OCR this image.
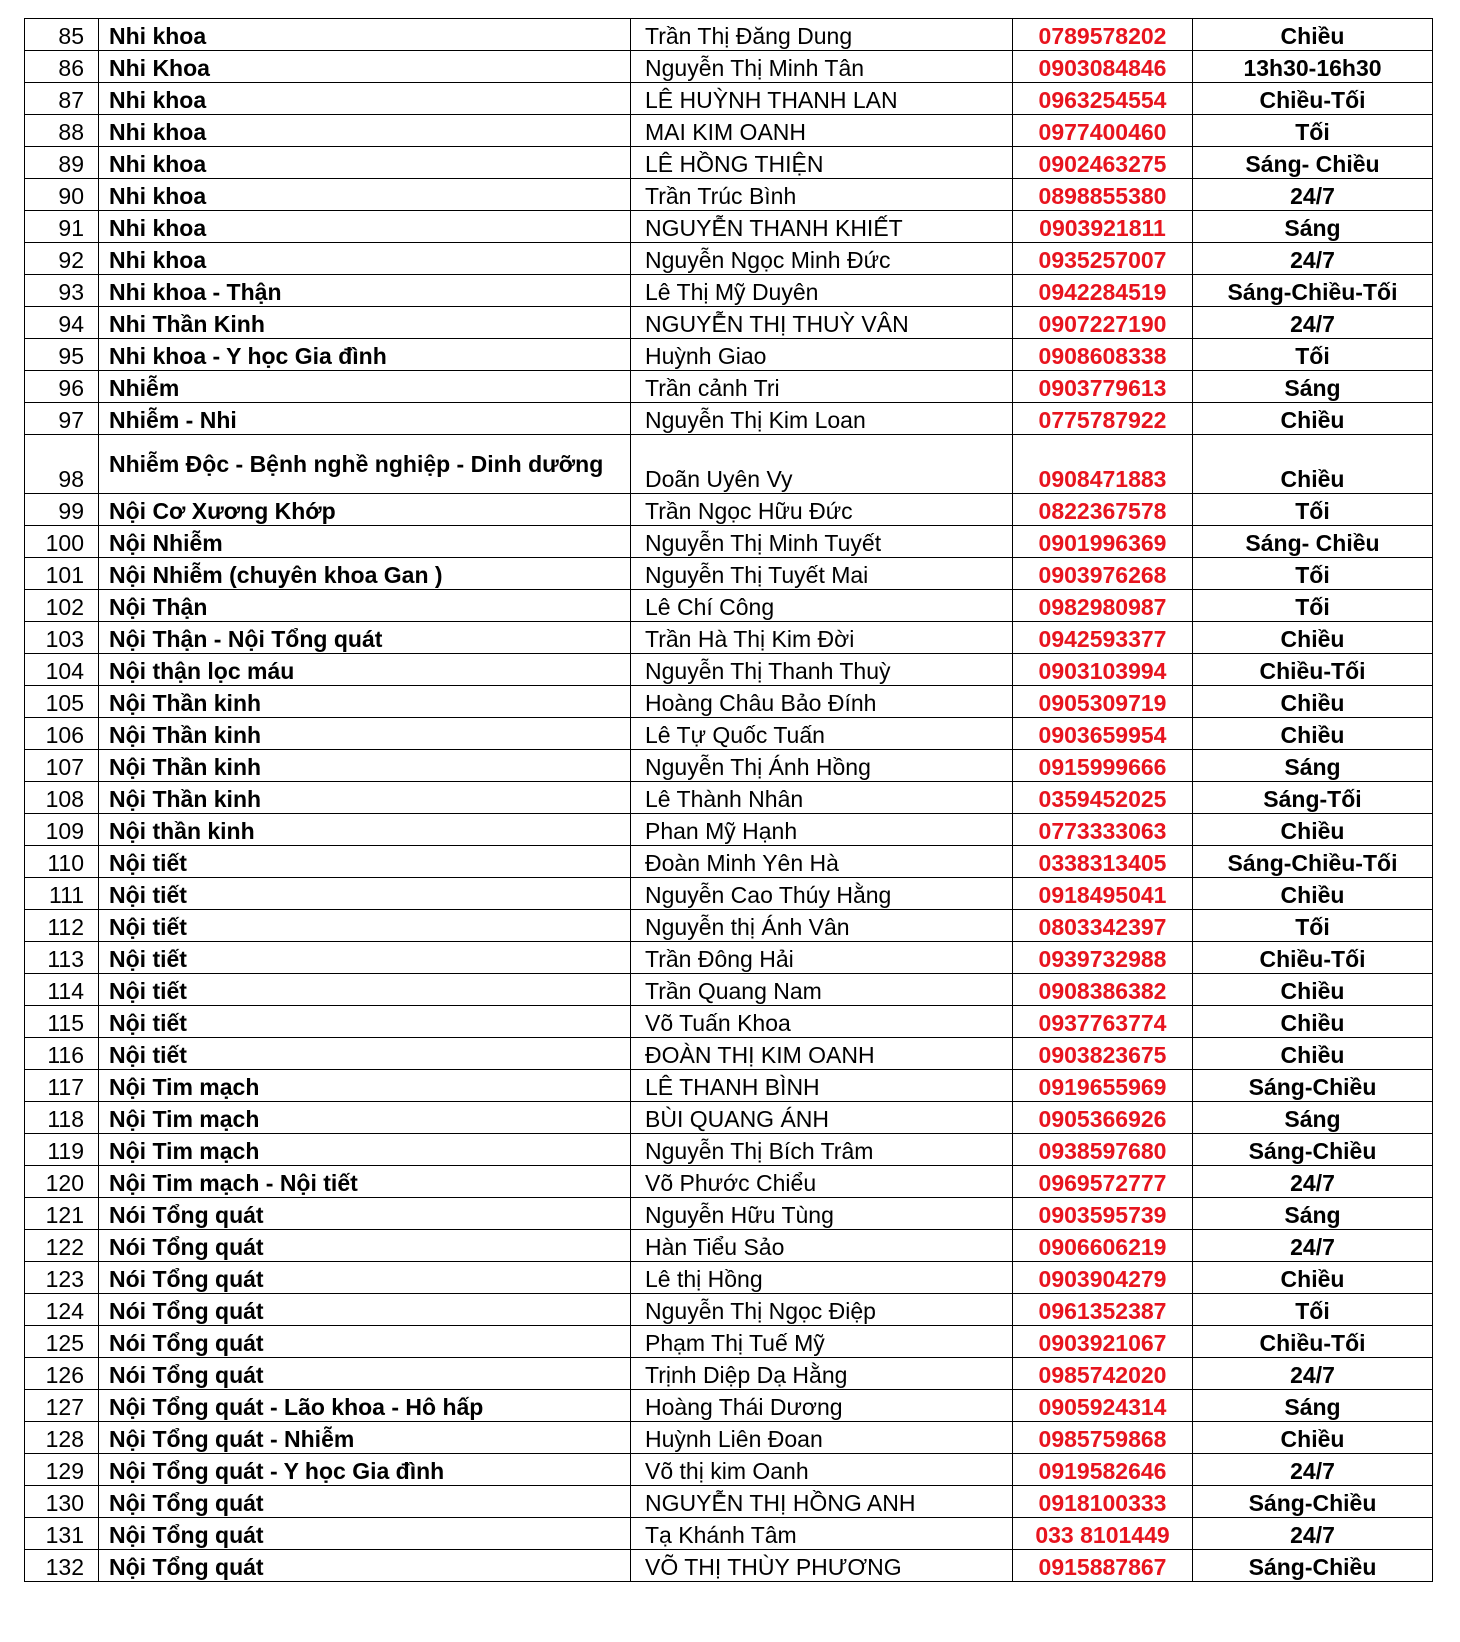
85	Nhi khoa	Trần Thị Đăng Dung	0789578202	Chiều
86	Nhi Khoa	Nguyễn Thị Minh Tân	0903084846	13h30-16h30
87	Nhi khoa	LÊ HUỲNH THANH LAN	0963254554	Chiều-Tối
88	Nhi khoa	MAI KIM OANH	0977400460	Tối
89	Nhi khoa	LÊ HỒNG THIỆN	0902463275	Sáng- Chiều
90	Nhi khoa	Trần Trúc Bình	0898855380	24/7
91	Nhi khoa	NGUYỄN THANH KHIẾT	0903921811	Sáng
92	Nhi khoa	Nguyễn Ngọc Minh Đức	0935257007	24/7
93	Nhi khoa - Thận	Lê Thị Mỹ Duyên	0942284519	Sáng-Chiều-Tối
94	Nhi Thần Kinh	NGUYỄN THỊ THUỲ VÂN	0907227190	24/7
95	Nhi khoa - Y học Gia đình	Huỳnh Giao	0908608338	Tối
96	Nhiễm	Trần cảnh Tri	0903779613	Sáng
97	Nhiễm - Nhi	Nguyễn Thị Kim Loan	0775787922	Chiều
98	Nhiễm Độc - Bệnh nghề nghiệp - Dinh dưỡng	Doãn Uyên Vy	0908471883	Chiều
99	Nội Cơ Xương Khớp	Trần Ngọc Hữu Đức	0822367578	Tối
100	Nội Nhiễm	Nguyễn Thị Minh Tuyết	0901996369	Sáng- Chiều
101	Nội Nhiễm (chuyên khoa Gan )	Nguyễn Thị Tuyết Mai	0903976268	Tối
102	Nội Thận	Lê Chí Công	0982980987	Tối
103	Nội Thận - Nội Tổng quát	Trần Hà Thị Kim Đời	0942593377	Chiều
104	Nội thận lọc máu	Nguyễn Thị Thanh Thuỳ	0903103994	Chiều-Tối
105	Nội Thần kinh	Hoàng Châu Bảo Đính	0905309719	Chiều
106	Nội Thần kinh	Lê Tự Quốc Tuấn	0903659954	Chiều
107	Nội Thần kinh	Nguyễn Thị Ánh Hồng	0915999666	Sáng
108	Nội Thần kinh	Lê Thành Nhân	0359452025	Sáng-Tối
109	Nội thần kinh	Phan Mỹ Hạnh	0773333063	Chiều
110	Nội tiết	Đoàn Minh Yên Hà	0338313405	Sáng-Chiều-Tối
111	Nội tiết	Nguyễn Cao Thúy Hằng	0918495041	Chiều
112	Nội tiết	Nguyễn thị Ánh Vân	0803342397	Tối
113	Nội tiết	Trần Đông Hải	0939732988	Chiều-Tối
114	Nội tiết	Trần Quang Nam	0908386382	Chiều
115	Nội tiết	Võ Tuấn Khoa	0937763774	Chiều
116	Nội tiết	ĐOÀN THỊ KIM OANH	0903823675	Chiều
117	Nội Tim mạch	LÊ THANH BÌNH	0919655969	Sáng-Chiều
118	Nội Tim mạch	BÙI QUANG ÁNH	0905366926	Sáng
119	Nội Tim mạch	Nguyễn Thị Bích Trâm	0938597680	Sáng-Chiều
120	Nội Tim mạch - Nội tiết	Võ Phước Chiểu	0969572777	24/7
121	Nói Tổng quát	Nguyễn Hữu Tùng	0903595739	Sáng
122	Nói Tổng quát	Hàn Tiểu Sảo	0906606219	24/7
123	Nói Tổng quát	Lê thị Hồng	0903904279	Chiều
124	Nói Tổng quát	Nguyễn Thị Ngọc Điệp	0961352387	Tối
125	Nói Tổng quát	Phạm Thị Tuế Mỹ	0903921067	Chiều-Tối
126	Nói Tổng quát	Trịnh Diệp Dạ Hằng	0985742020	24/7
127	Nội Tổng quát - Lão khoa - Hô hấp	Hoàng Thái Dương	0905924314	Sáng
128	Nội Tổng quát - Nhiễm	Huỳnh Liên Đoan	0985759868	Chiều
129	Nội Tổng quát - Y học Gia đình	Võ thị kim Oanh	0919582646	24/7
130	Nội Tổng quát	NGUYỄN THỊ HỒNG ANH	0918100333	Sáng-Chiều
131	Nội Tổng quát	Tạ Khánh Tâm	033 8101449	24/7
132	Nội Tổng quát	VÕ THỊ THÙY PHƯƠNG	0915887867	Sáng-Chiều
